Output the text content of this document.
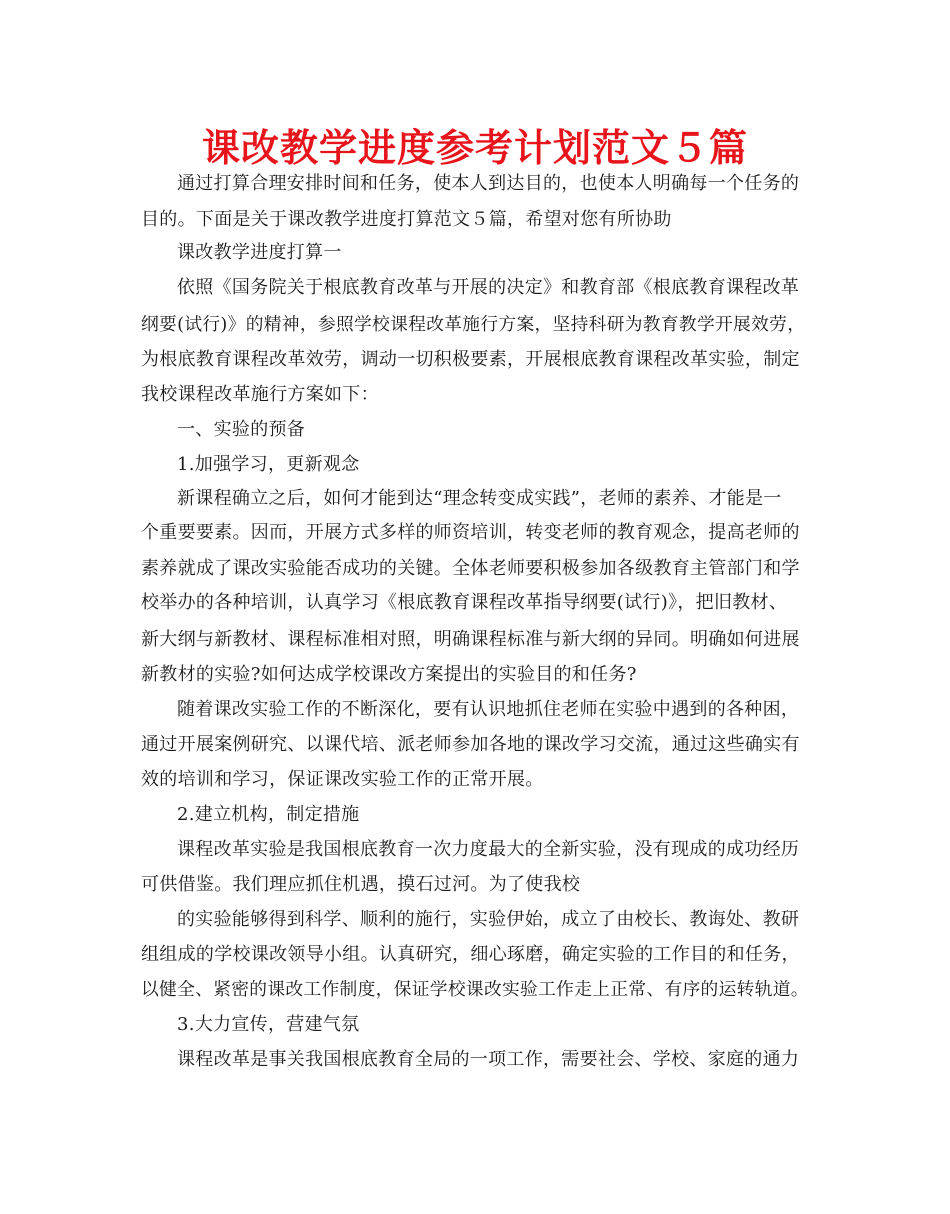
课改教学进度参考计划范文５篇
通过打算合理安排时间和任务，使本人到达目的，也使本人明确每一个任务的
目的。下面是关于课改教学进度打算范文５篇，希望对您有所协助
课改教学进度打算一
依照《国务院关于根底教育改革与开展的决定》和教育部《根底教育课程改革
纲要(试行)》的精神，参照学校课程改革施行方案，坚持科研为教育教学开展效劳，
为根底教育课程改革效劳，调动一切积极要素，开展根底教育课程改革实验，制定
我校课程改革施行方案如下：
一、实验的预备
1.加强学习，更新观念
新课程确立之后，如何才能到达“理念转变成实践”，老师的素养、才能是一
个重要要素。因而，开展方式多样的师资培训，转变老师的教育观念，提高老师的
素养就成了课改实验能否成功的关键。全体老师要积极参加各级教育主管部门和学
校举办的各种培训，认真学习《根底教育课程改革指导纲要(试行)》，把旧教材、
新大纲与新教材、课程标准相对照，明确课程标准与新大纲的异同。明确如何进展
新教材的实验?如何达成学校课改方案提出的实验目的和任务?
随着课改实验工作的不断深化，要有认识地抓住老师在实验中遇到的各种困，
通过开展案例研究、以课代培、派老师参加各地的课改学习交流，通过这些确实有
效的培训和学习，保证课改实验工作的正常开展。
2.建立机构，制定措施
课程改革实验是我国根底教育一次力度最大的全新实验，没有现成的成功经历
可供借鉴。我们理应抓住机遇，摸石过河。为了使我校
的实验能够得到科学、顺利的施行，实验伊始，成立了由校长、教诲处、教研
组组成的学校课改领导小组。认真研究，细心琢磨，确定实验的工作目的和任务，
以健全、紧密的课改工作制度，保证学校课改实验工作走上正常、有序的运转轨道。
3.大力宣传，营建气氛
课程改革是事关我国根底教育全局的一项工作，需要社会、学校、家庭的通力
